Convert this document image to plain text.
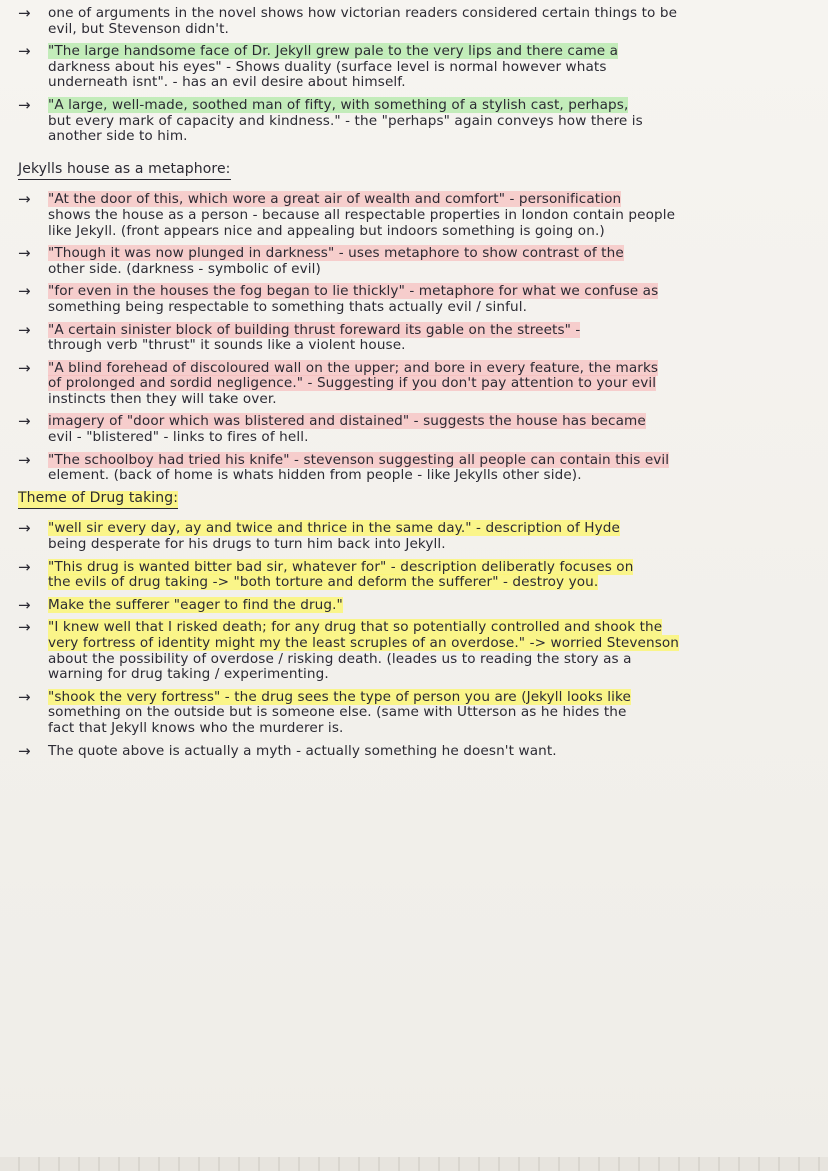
→	one of arguments in the novel shows how victorian readers considered certain things to be
evil, but Stevenson didn't.
→	"The large handsome face of Dr. Jekyll grew pale to the very lips and there came a
darkness about his eyes" - Shows duality (surface level is normal however whats
underneath isnt". - has an evil desire about himself.
→	"A large, well-made, soothed man of fifty, with something of a stylish cast, perhaps,
but every mark of capacity and kindness." - the "perhaps" again conveys how there is
another side to him.
Jekylls house as a metaphore:
→	"At the door of this, which wore a great air of wealth and comfort" - personification
shows the house as a person - because all respectable properties in london contain people
like Jekyll. (front appears nice and appealing but indoors something is going on.)
→	"Though it was now plunged in darkness" - uses metaphore to show contrast of the
other side. (darkness - symbolic of evil)
→	"for even in the houses the fog began to lie thickly" - metaphore for what we confuse as
something being respectable to something thats actually evil / sinful.
→	"A certain sinister block of building thrust foreward its gable on the streets" -
through verb "thrust" it sounds like a violent house.
→	"A blind forehead of discoloured wall on the upper; and bore in every feature, the marks
of prolonged and sordid negligence." - Suggesting if you don't pay attention to your evil
instincts then they will take over.
→	imagery of "door which was blistered and distained" - suggests the house has became
evil - "blistered" - links to fires of hell.
→	"The schoolboy had tried his knife" - stevenson suggesting all people can contain this evil
element. (back of home is whats hidden from people - like Jekylls other side).
Theme of Drug taking:
→	"well sir every day, ay and twice and thrice in the same day." - description of Hyde
being desperate for his drugs to turn him back into Jekyll.
→	"This drug is wanted bitter bad sir, whatever for" - description deliberatly focuses on
the evils of drug taking -> "both torture and deform the sufferer" - destroy you.
→	Make the sufferer "eager to find the drug."
→	"I knew well that I risked death; for any drug that so potentially controlled and shook the
very fortress of identity might my the least scruples of an overdose." -> worried Stevenson
about the possibility of overdose / risking death. (leades us to reading the story as a
warning for drug taking / experimenting.
→	"shook the very fortress" - the drug sees the type of person you are (Jekyll looks like
something on the outside but is someone else. (same with Utterson as he hides the
fact that Jekyll knows who the murderer is.
→	The quote above is actually a myth - actually something he doesn't want.
